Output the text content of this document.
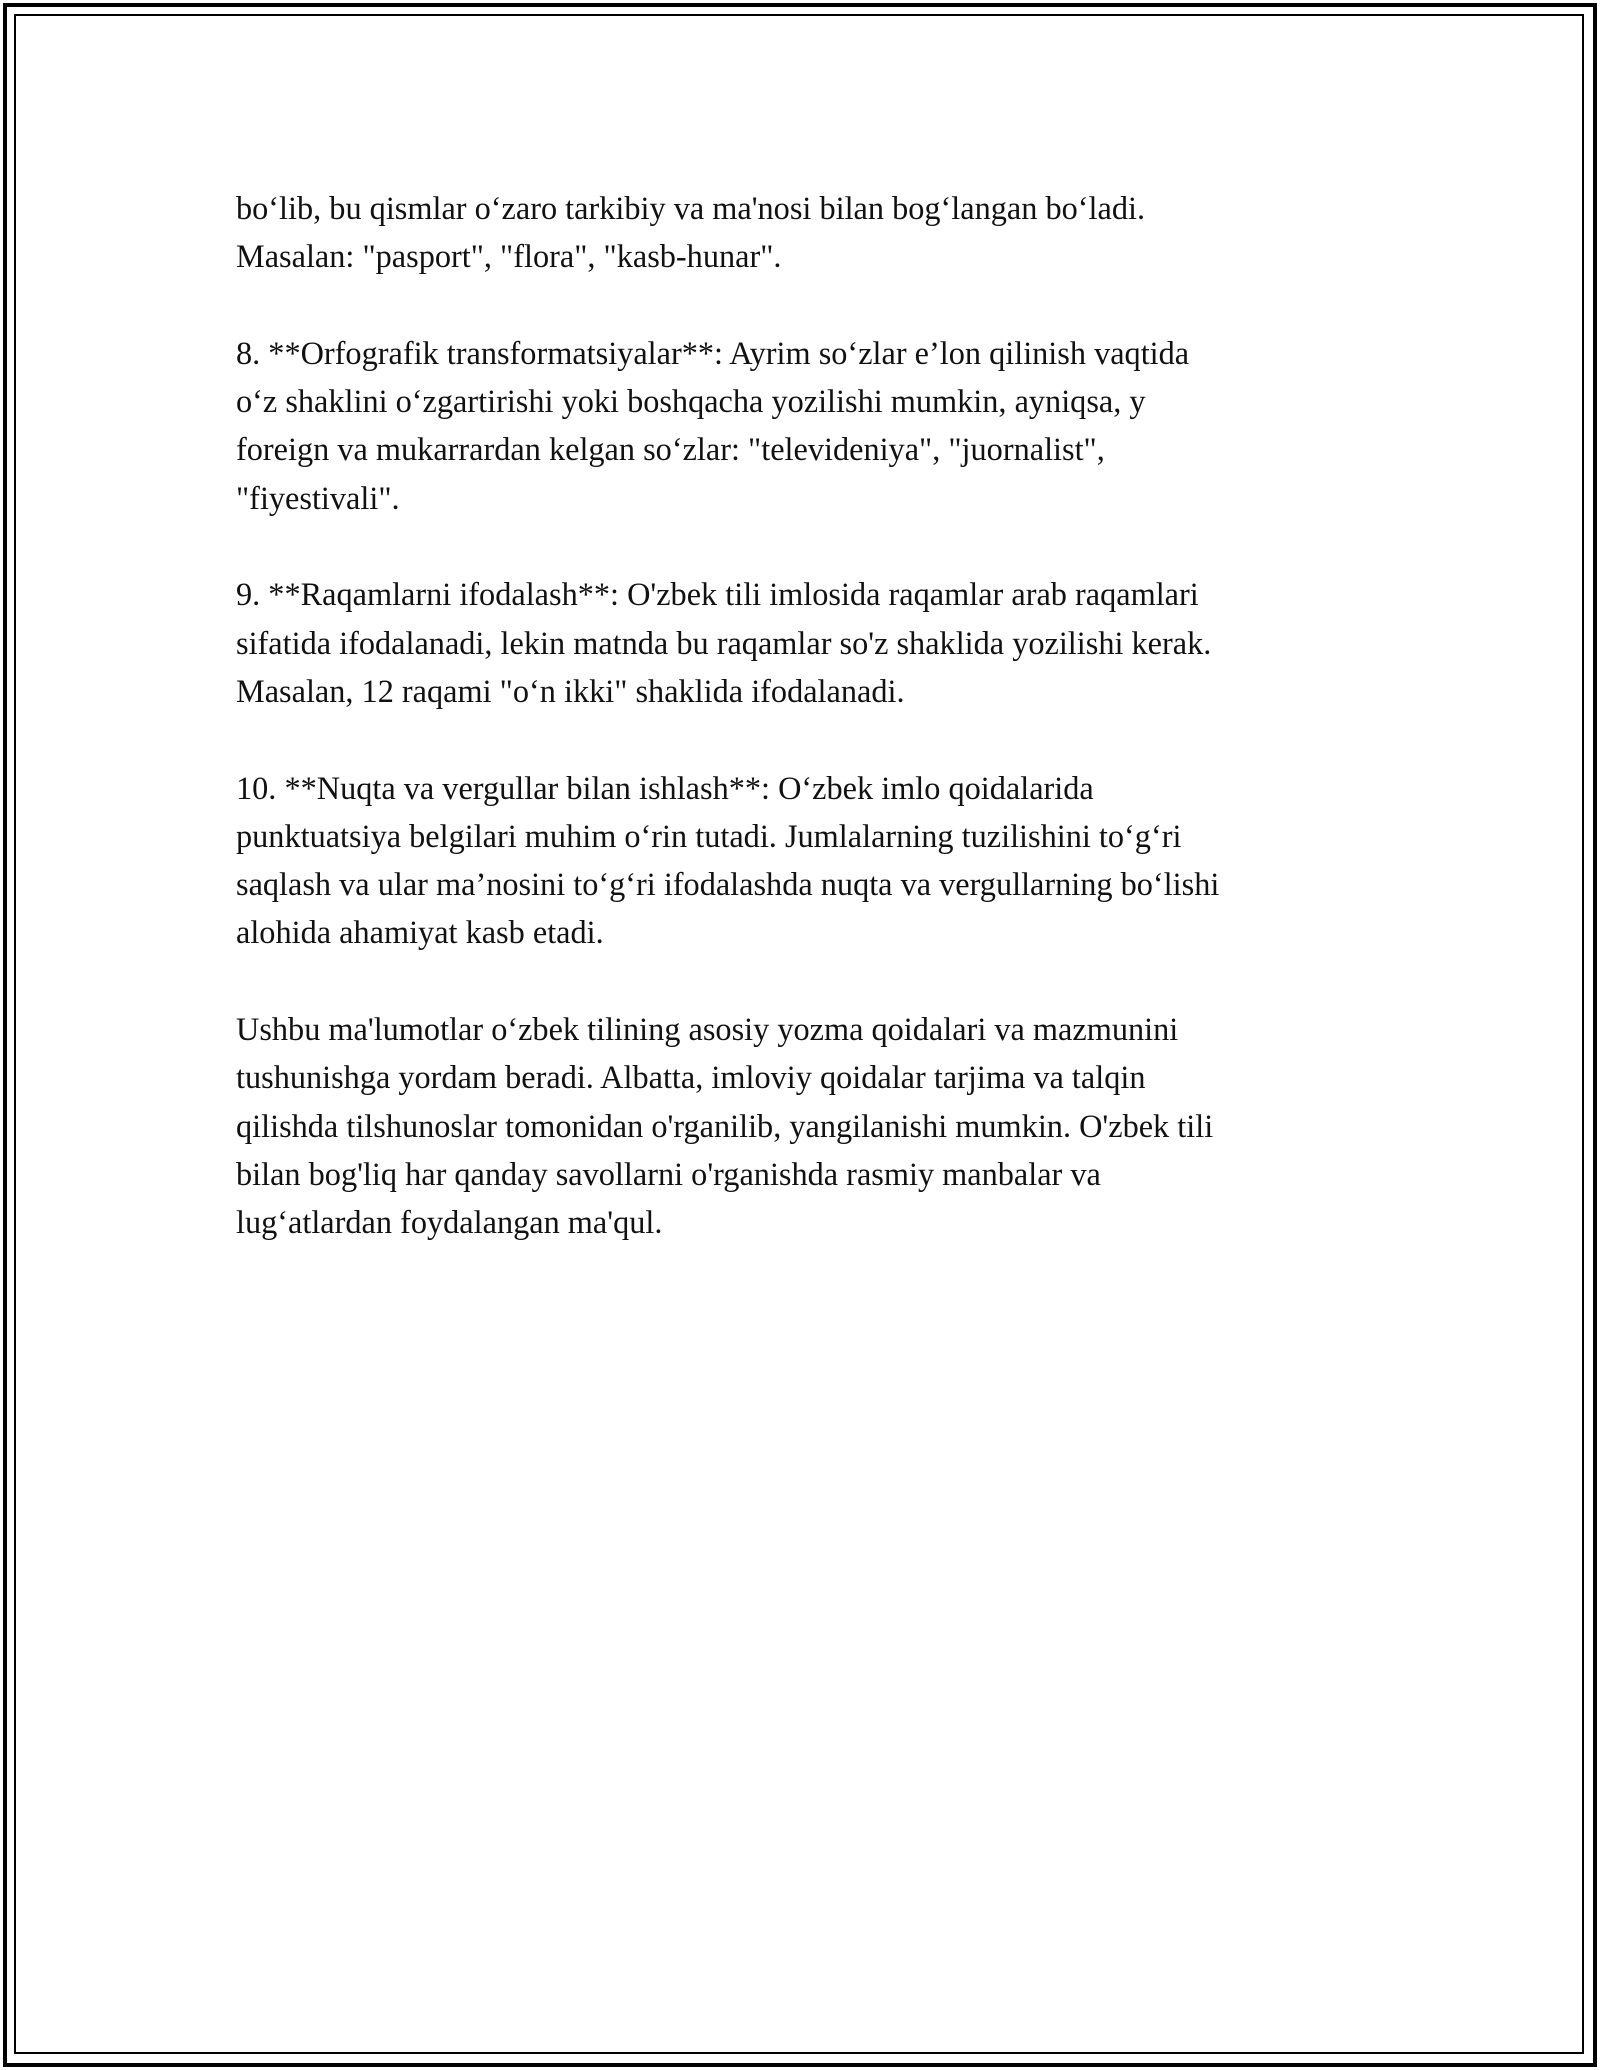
bo‘lib, bu qismlar o‘zaro tarkibiy va ma'nosi bilan bog‘langan bo‘ladi.
Masalan: "pasport", "flora", "kasb-hunar".

8. **Orfografik transformatsiyalar**: Ayrim so‘zlar e’lon qilinish vaqtida
o‘z shaklini o‘zgartirishi yoki boshqacha yozilishi mumkin, ayniqsa, y
foreign va mukarrardan kelgan so‘zlar: "televideniya", "juornalist",
"fiyestivali".

9. **Raqamlarni ifodalash**: O'zbek tili imlosida raqamlar arab raqamlari
sifatida ifodalanadi, lekin matnda bu raqamlar so'z shaklida yozilishi kerak.
Masalan, 12 raqami "o‘n ikki" shaklida ifodalanadi.

10. **Nuqta va vergullar bilan ishlash**: O‘zbek imlo qoidalarida
punktuatsiya belgilari muhim o‘rin tutadi. Jumlalarning tuzilishini to‘g‘ri
saqlash va ular ma’nosini to‘g‘ri ifodalashda nuqta va vergullarning bo‘lishi
alohida ahamiyat kasb etadi.

Ushbu ma'lumotlar o‘zbek tilining asosiy yozma qoidalari va mazmunini
tushunishga yordam beradi. Albatta, imloviy qoidalar tarjima va talqin
qilishda tilshunoslar tomonidan o'rganilib, yangilanishi mumkin. O'zbek tili
bilan bog'liq har qanday savollarni o'rganishda rasmiy manbalar va
lug‘atlardan foydalangan ma'qul.
